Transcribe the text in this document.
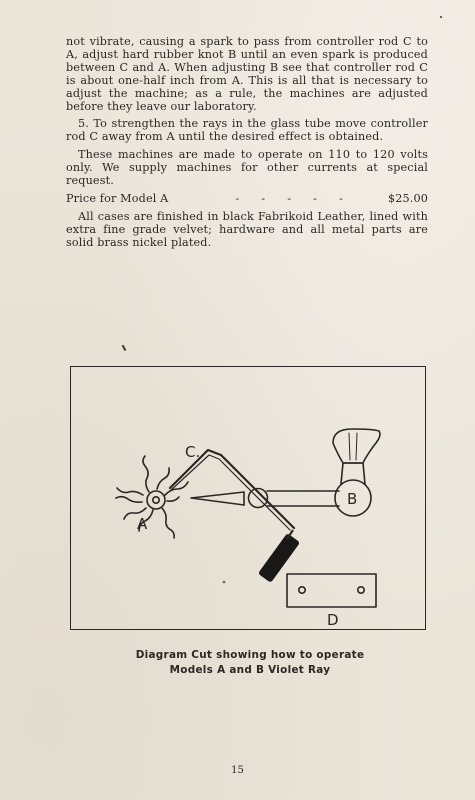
not vibrate, causing a spark to pass from controller rod C to A, adjust hard rubber knot B until an even spark is produced between C and A. When adjusting B see that controller rod C is about one-half inch from A. This is all that is necessary to adjust the machine; as a rule, the machines are adjusted before they leave our laboratory.

5. To strengthen the rays in the glass tube move controller rod C away from A until the desired effect is obtained.

These machines are made to operate on 110 to 120 volts only. We supply machines for other currents at special request.

Price for Model A	- - - - -	$25.00

All cases are finished in black Fabrikoid Leather, lined with extra fine grade velvet; hardware and all metal parts are solid brass nickel plated.

C.
A
B
D
Diagram Cut showing how to operate
Models A and B Violet Ray
15
